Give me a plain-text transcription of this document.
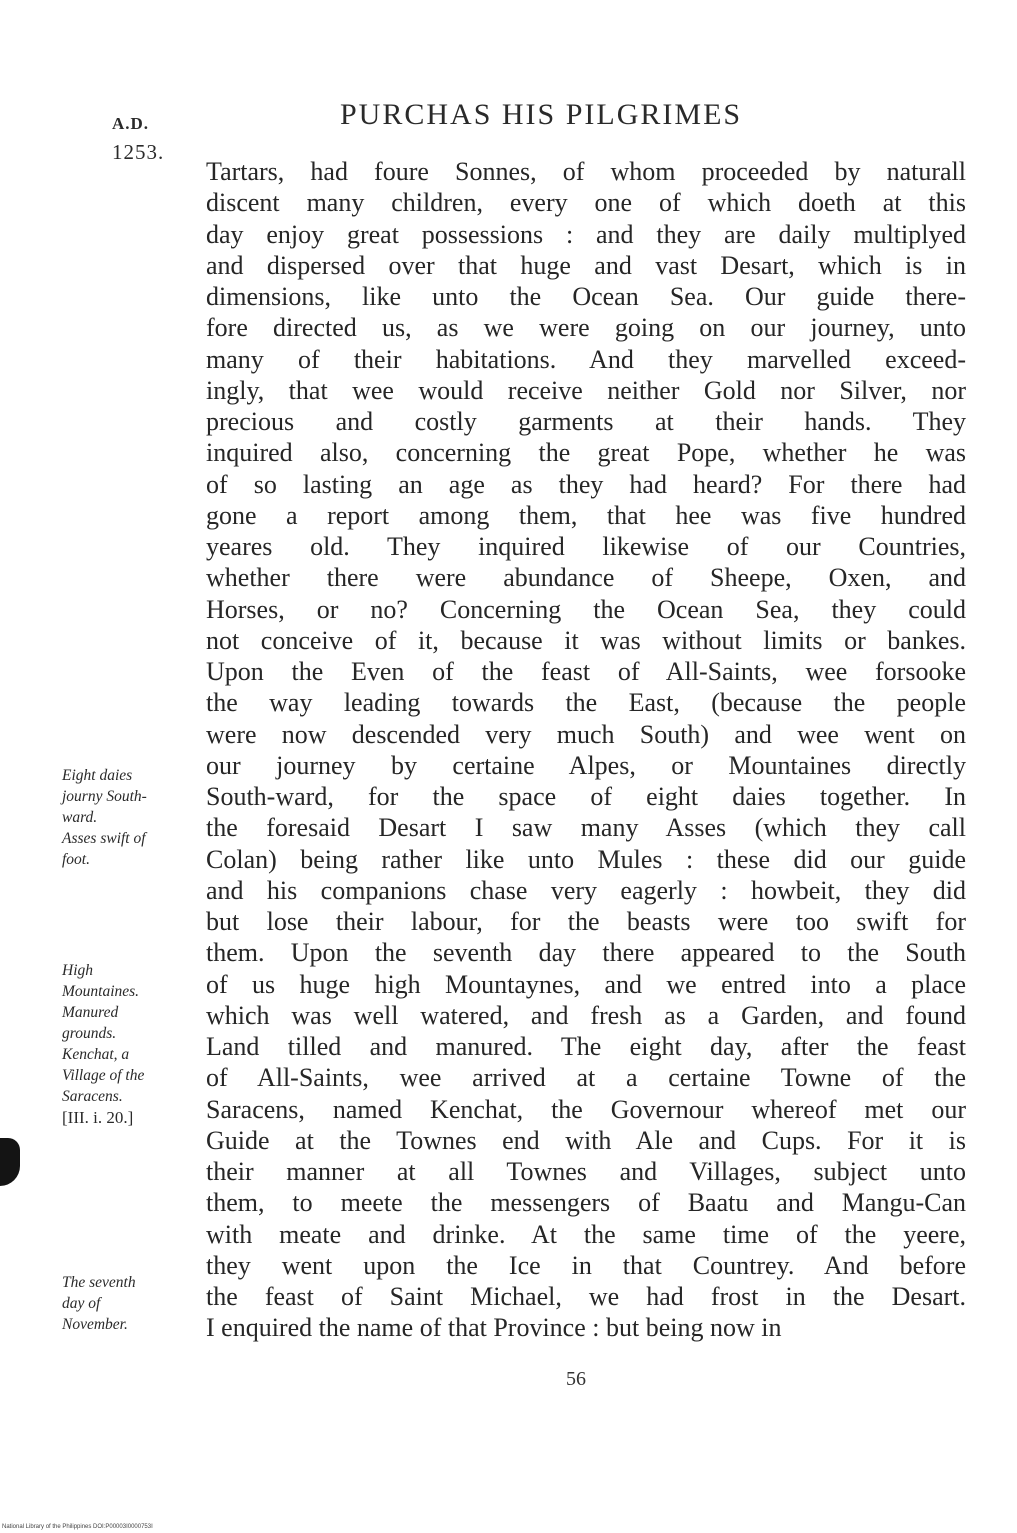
A.D.
1253.
PURCHAS HIS PILGRIMES
Tartars, had foure Sonnes, of whom proceeded by naturall
discent many children, every one of which doeth at this
day enjoy great possessions : and they are daily multiplyed
and dispersed over that huge and vast Desart, which is in
dimensions, like unto the Ocean Sea. Our guide there-
fore directed us, as we were going on our journey, unto
many of their habitations. And they marvelled exceed-
ingly, that wee would receive neither Gold nor Silver, nor
precious and costly garments at their hands. They
inquired also, concerning the great Pope, whether he was
of so lasting an age as they had heard? For there had
gone a report among them, that hee was five hundred
yeares old. They inquired likewise of our Countries,
whether there were abundance of Sheepe, Oxen, and
Horses, or no? Concerning the Ocean Sea, they could
not conceive of it, because it was without limits or bankes.
Upon the Even of the feast of All-Saints, wee forsooke
the way leading towards the East, (because the people
were now descended very much South) and wee went on
our journey by certaine Alpes, or Mountaines directly
South-ward, for the space of eight daies together. In
the foresaid Desart I saw many Asses (which they call
Colan) being rather like unto Mules : these did our guide
and his companions chase very eagerly : howbeit, they did
but lose their labour, for the beasts were too swift for
them. Upon the seventh day there appeared to the South
of us huge high Mountaynes, and we entred into a place
which was well watered, and fresh as a Garden, and found
Land tilled and manured. The eight day, after the feast
of All-Saints, wee arrived at a certaine Towne of the
Saracens, named Kenchat, the Governour whereof met our
Guide at the Townes end with Ale and Cups. For it is
their manner at all Townes and Villages, subject unto
them, to meete the messengers of Baatu and Mangu-Can
with meate and drinke. At the same time of the yeere,
they went upon the Ice in that Countrey. And before
the feast of Saint Michael, we had frost in the Desart.
I enquired the name of that Province : but being now in
Eight daies
journy South-
ward.
Asses swift of
foot.
High
Mountaines.
Manured
grounds.
Kenchat, a
Village of the
Saracens.
[III. i. 20.]
The seventh
day of
November.
56
National Library of the Philippines DOI:P00003I0000753I
